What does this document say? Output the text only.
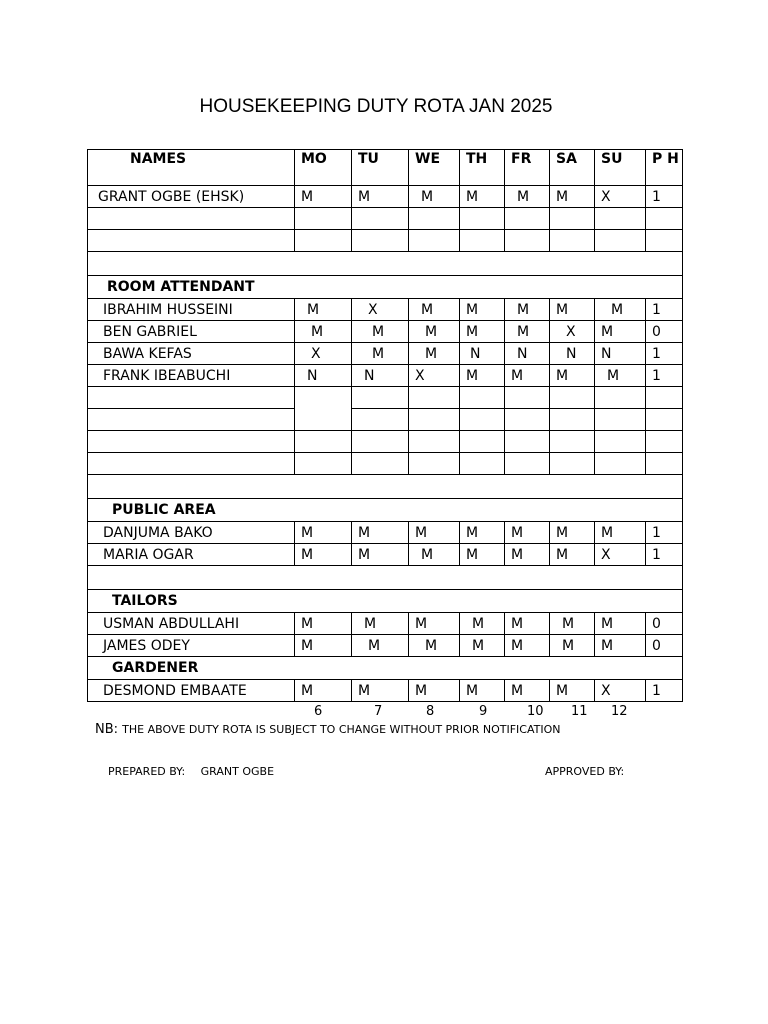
HOUSEKEEPING DUTY ROTA JAN 2025
NAMES	MO	TU	WE	TH	FR	SA	SU	P H
GRANT OGBE (EHSK)	M	M	M	M	M	M	X	1

ROOM ATTENDANT								
IBRAHIM HUSSEINI	M	X	M	M	M	M	M	1
BEN GABRIEL	M	M	M	M	M	X	M	0
BAWA KEFAS	X	M	M	N	N	N	N	1
FRANK IBEABUCHI	N	N	X	M	M	M	M	1

PUBLIC AREA								
DANJUMA BAKO	M	M	M	M	M	M	M	1
MARIA OGAR	M	M	M	M	M	M	X	1

TAILORS								
USMAN ABDULLAHI	M	M	M	M	M	M	M	0
JAMES ODEY	M	M	M	M	M	M	M	0
GARDENER								
DESMOND EMBAATE	M	M	M	M	M	M	X	1
6	7	8	9	10 11 12
NB: THE ABOVE DUTY ROTA IS SUBJECT TO CHANGE WITHOUT PRIOR NOTIFICATION
PREPARED BY: GRANT OGBE	APPROVED BY:
